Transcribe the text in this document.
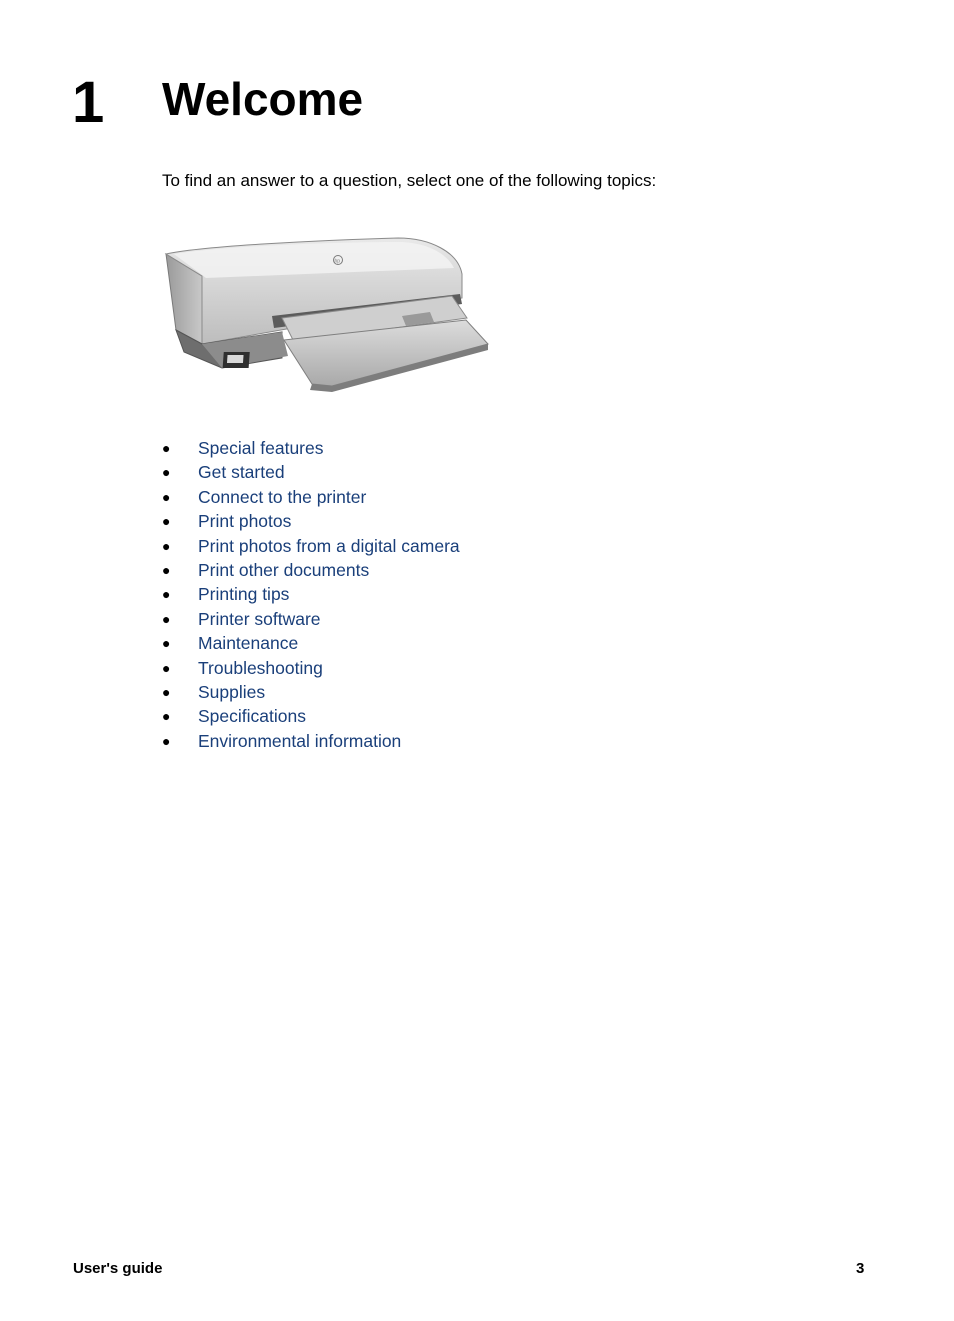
1 Welcome

To find an answer to a question, select one of the following topics:

hp
●	Special features
●	Get started
●	Connect to the printer
●	Print photos
●	Print photos from a digital camera
●	Print other documents
●	Printing tips
●	Printer software
●	Maintenance
●	Troubleshooting
●	Supplies
●	Specifications
●	Environmental information
User's guide	3
